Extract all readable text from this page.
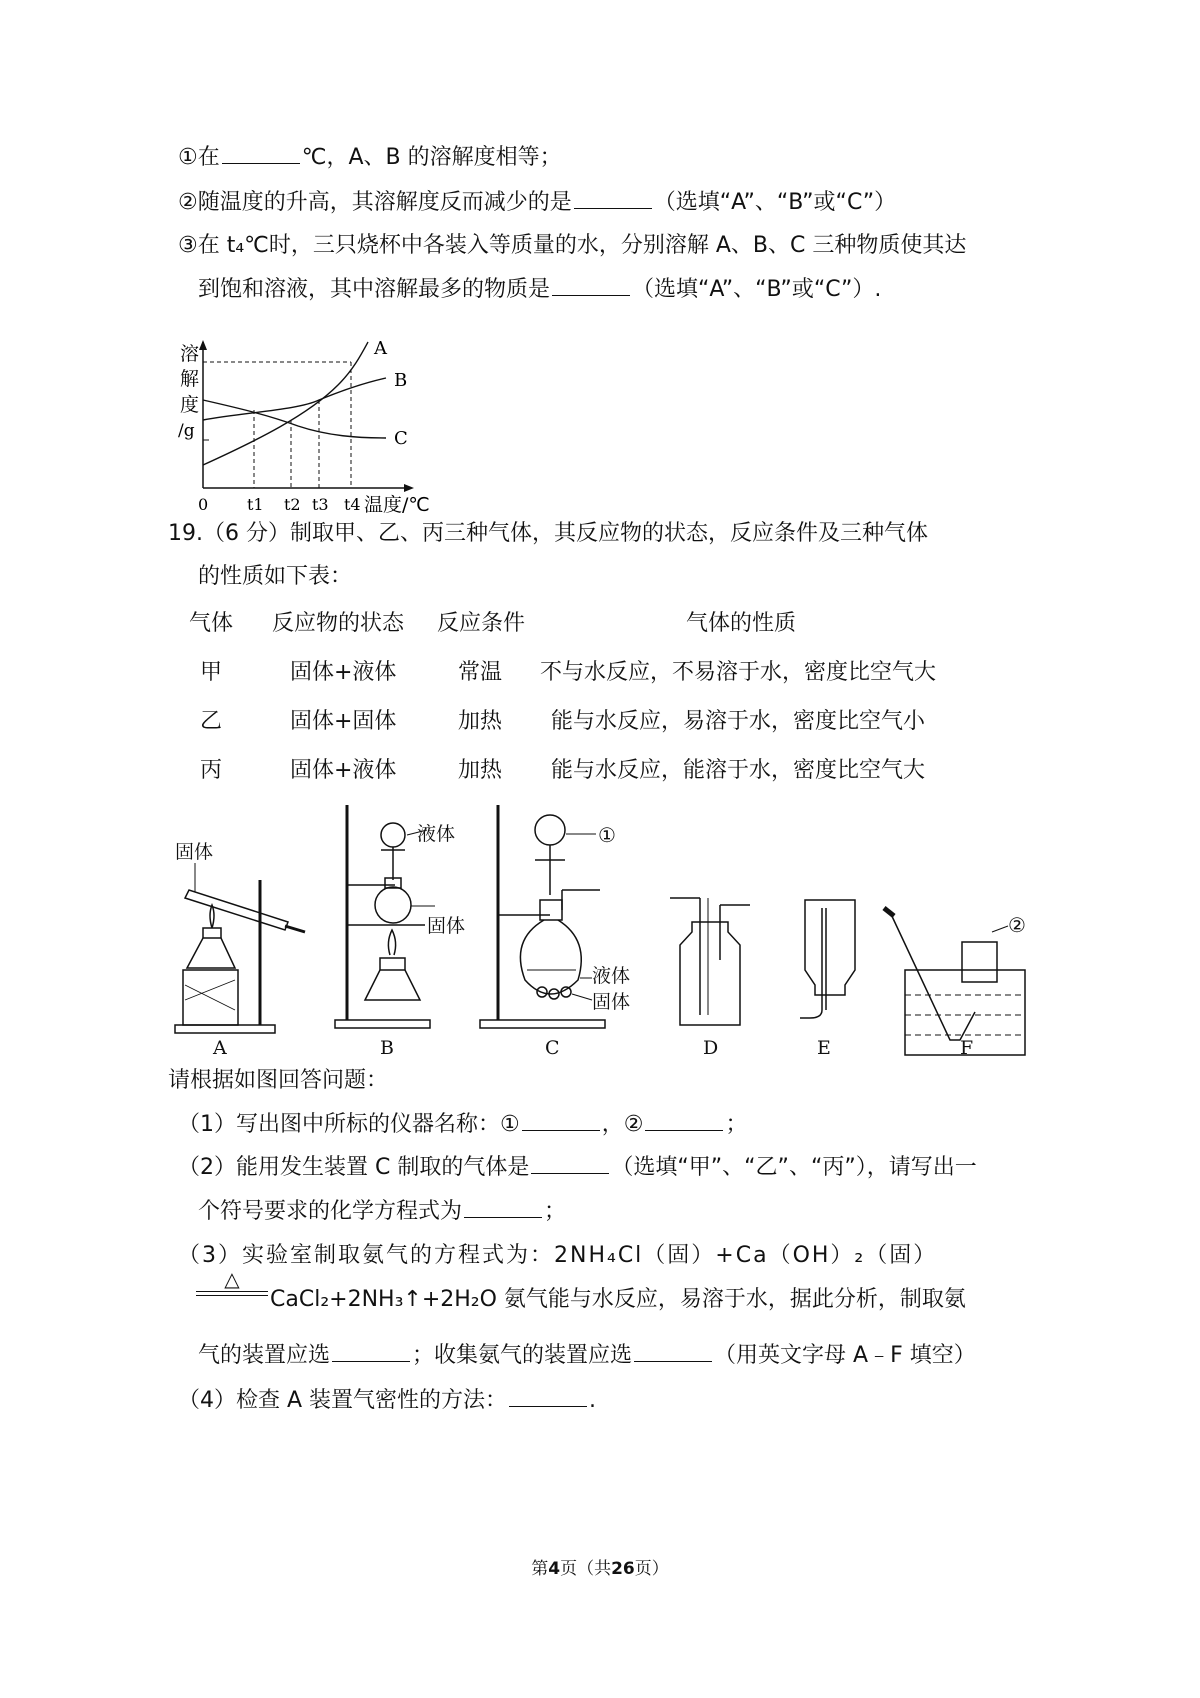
①在	℃，A、B 的溶解度相等；
②随温度的升高，其溶解度反而减少的是	（选填“A”、“B”或“C”）
③在 t₄℃时，三只烧杯中各装入等质量的水，分别溶解 A、B、C 三种物质使其达
到饱和溶液，其中溶解最多的物质是	（选填“A”、“B”或“C”）.
溶
解
度
/g
A
B
C
0 t1 t2 t3 t4 温度/℃
19.（6 分）制取甲、乙、丙三种气体，其反应物的状态，反应条件及三种气体
的性质如下表：
气体 反应物的状态 反应条件	气体的性质
甲	固体+液体	常温 不与水反应，不易溶于水，密度比空气大
乙	固体+固体	加热 能与水反应，易溶于水，密度比空气小
丙	固体+液体	加热 能与水反应，能溶于水，密度比空气大
固体
液体
固体
①
液体
固体
②
A	B	C	D	E	F
请根据如图回答问题：
（1）写出图中所标的仪器名称：①	，②	；
（2）能用发生装置 C 制取的气体是	（选填“甲”、“乙”、“丙”），请写出一
个符号要求的化学方程式为	；
（3）实验室制取氨气的方程式为：2NH₄Cl（固）+Ca（OH）₂（固）
△
CaCl₂+2NH₃↑+2H₂O 氨气能与水反应，易溶于水，据此分析，制取氨
气的装置应选	；收集氨气的装置应选	（用英文字母 A﹣F 填空）
（4）检查 A 装置气密性的方法：	.
第4页（共26页）
